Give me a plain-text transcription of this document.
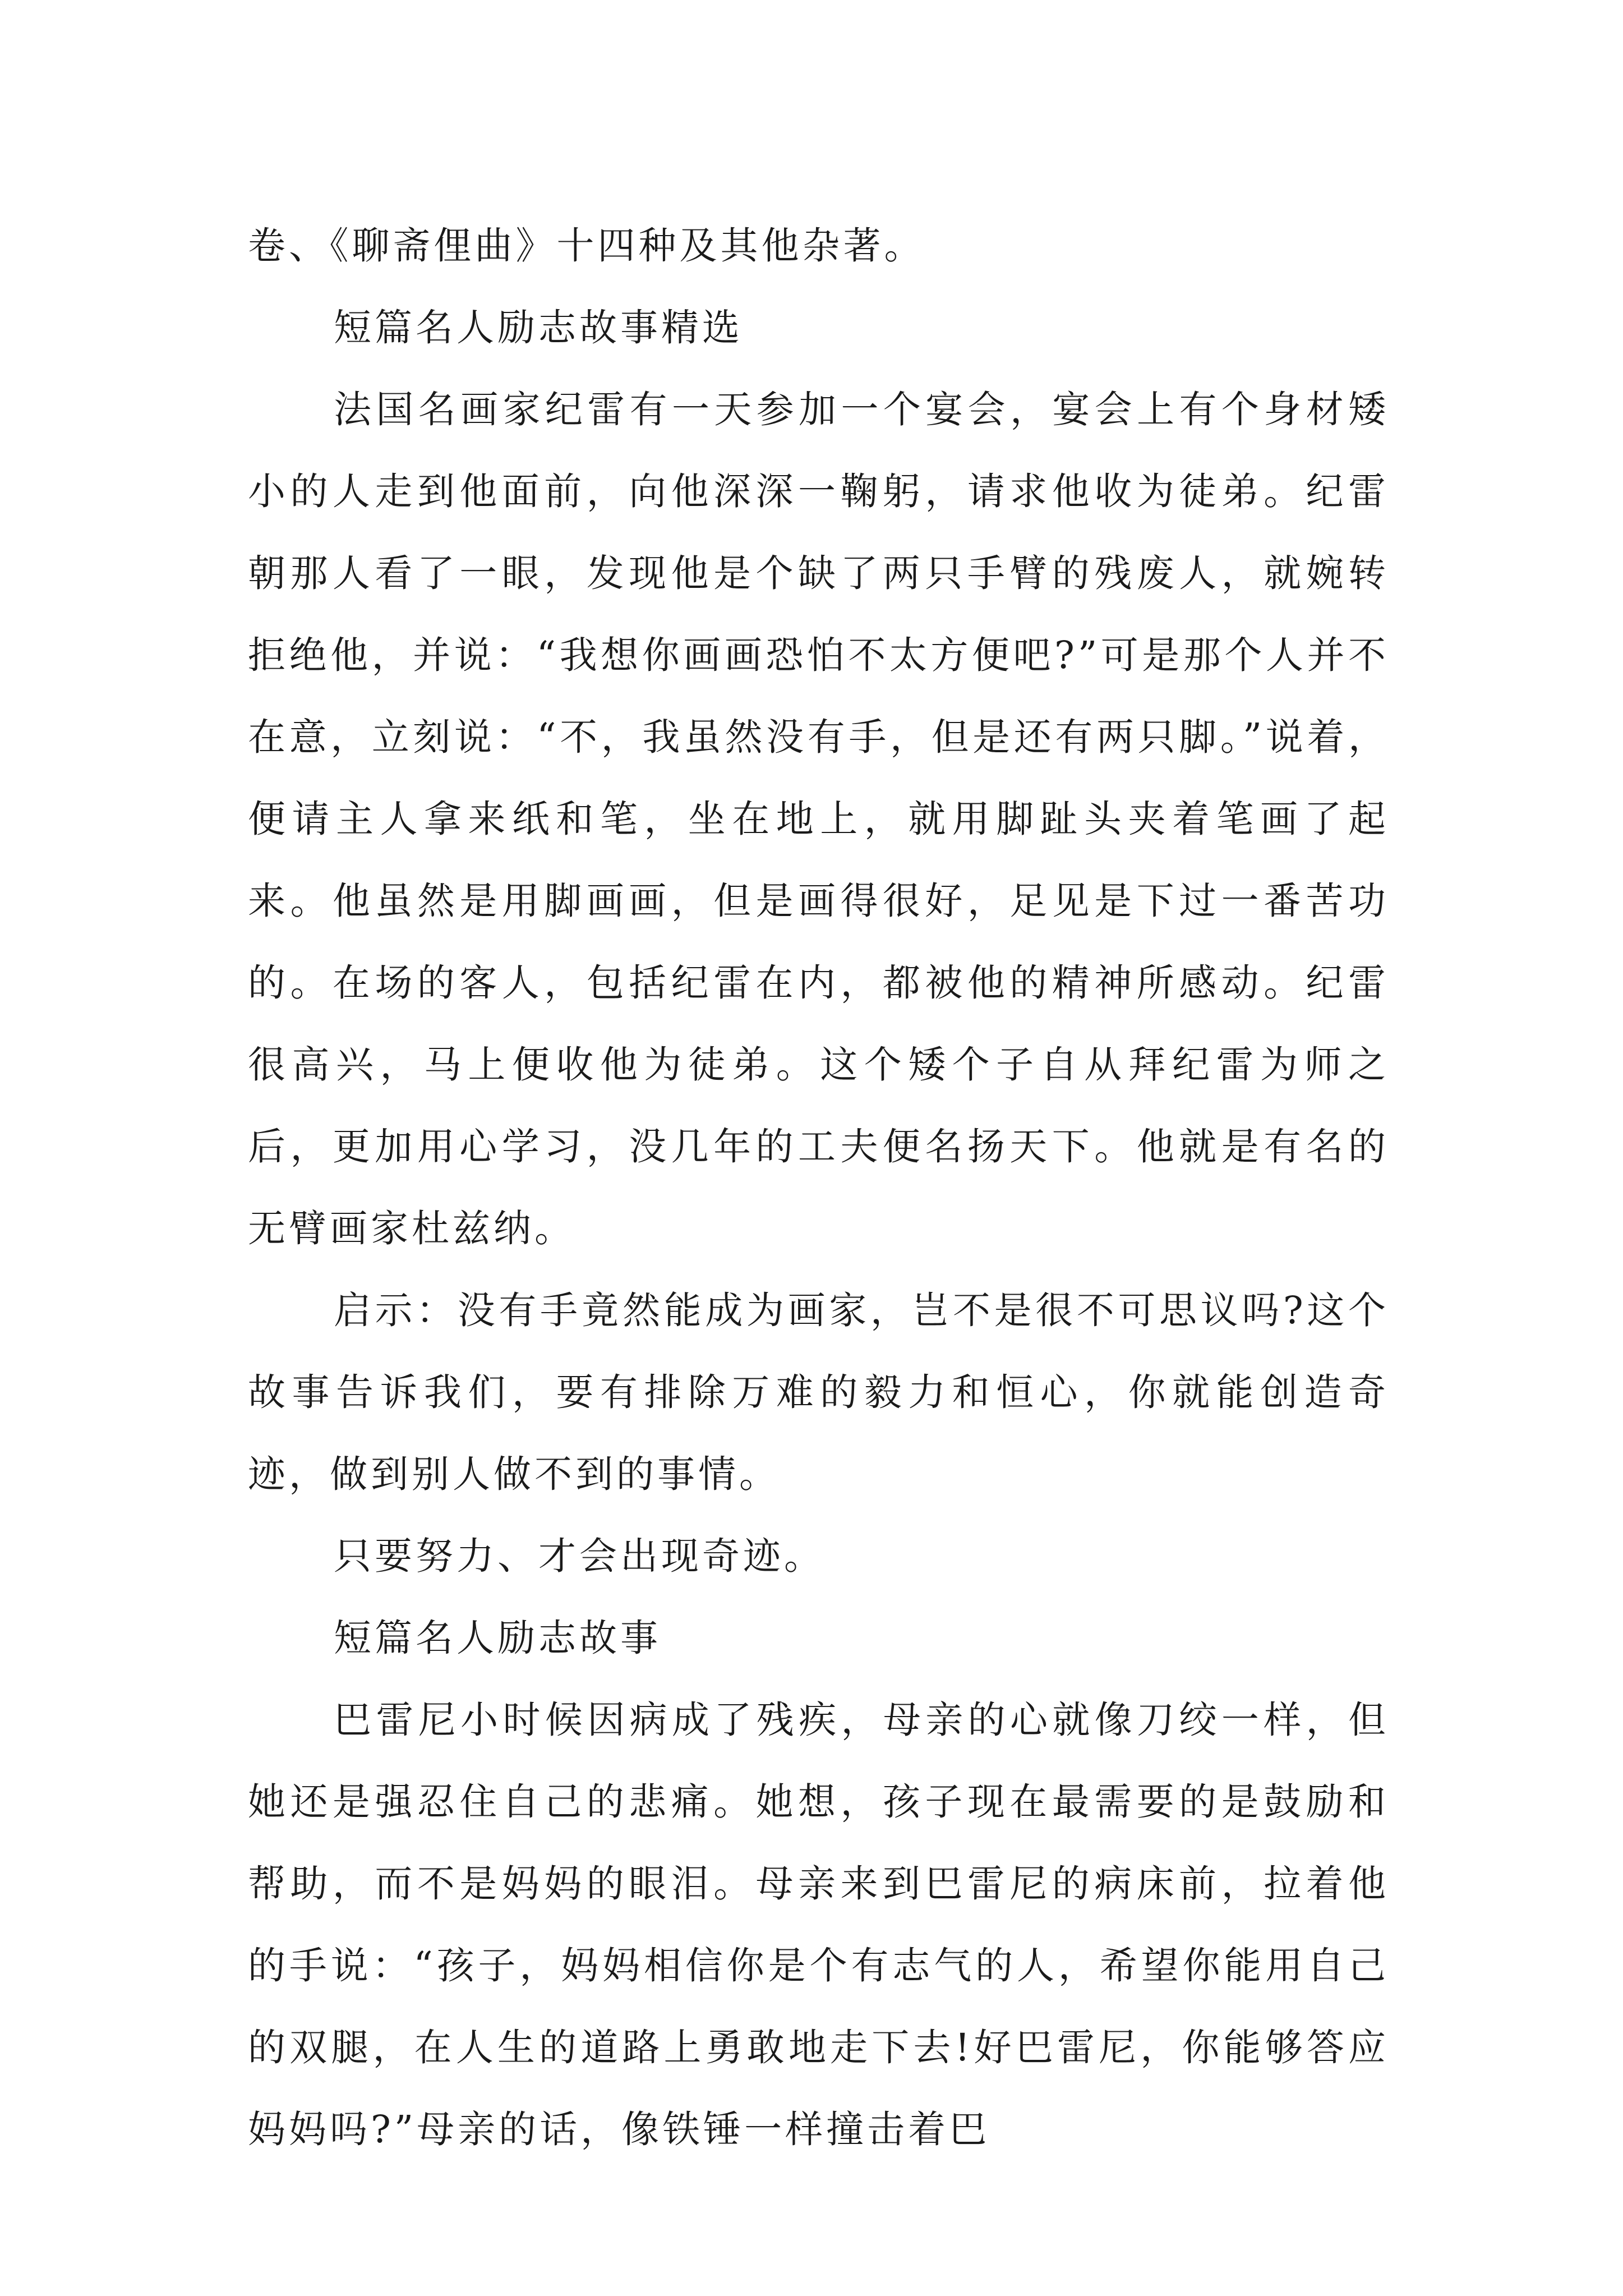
卷、《聊斋俚曲》十四种及其他杂著。

短篇名人励志故事精选

法国名画家纪雷有一天参加一个宴会，宴会上有个身材矮小的人走到他面前，向他深深一鞠躬，请求他收为徒弟。纪雷朝那人看了一眼，发现他是个缺了两只手臂的残废人，就婉转拒绝他，并说：“我想你画画恐怕不太方便吧?”可是那个人并不在意，立刻说：“不，我虽然没有手，但是还有两只脚。”说着，便请主人拿来纸和笔，坐在地上，就用脚趾头夹着笔画了起来。他虽然是用脚画画，但是画得很好，足见是下过一番苦功的。在场的客人，包括纪雷在内，都被他的精神所感动。纪雷很高兴，马上便收他为徒弟。这个矮个子自从拜纪雷为师之后，更加用心学习，没几年的工夫便名扬天下。他就是有名的无臂画家杜兹纳。

启示：没有手竟然能成为画家，岂不是很不可思议吗?这个故事告诉我们，要有排除万难的毅力和恒心，你就能创造奇迹，做到别人做不到的事情。

只要努力、才会出现奇迹。

短篇名人励志故事

巴雷尼小时候因病成了残疾，母亲的心就像刀绞一样，但她还是强忍住自己的悲痛。她想，孩子现在最需要的是鼓励和帮助，而不是妈妈的眼泪。母亲来到巴雷尼的病床前，拉着他的手说：“孩子，妈妈相信你是个有志气的人，希望你能用自己的双腿，在人生的道路上勇敢地走下去!好巴雷尼，你能够答应妈妈吗?”母亲的话，像铁锤一样撞击着巴
